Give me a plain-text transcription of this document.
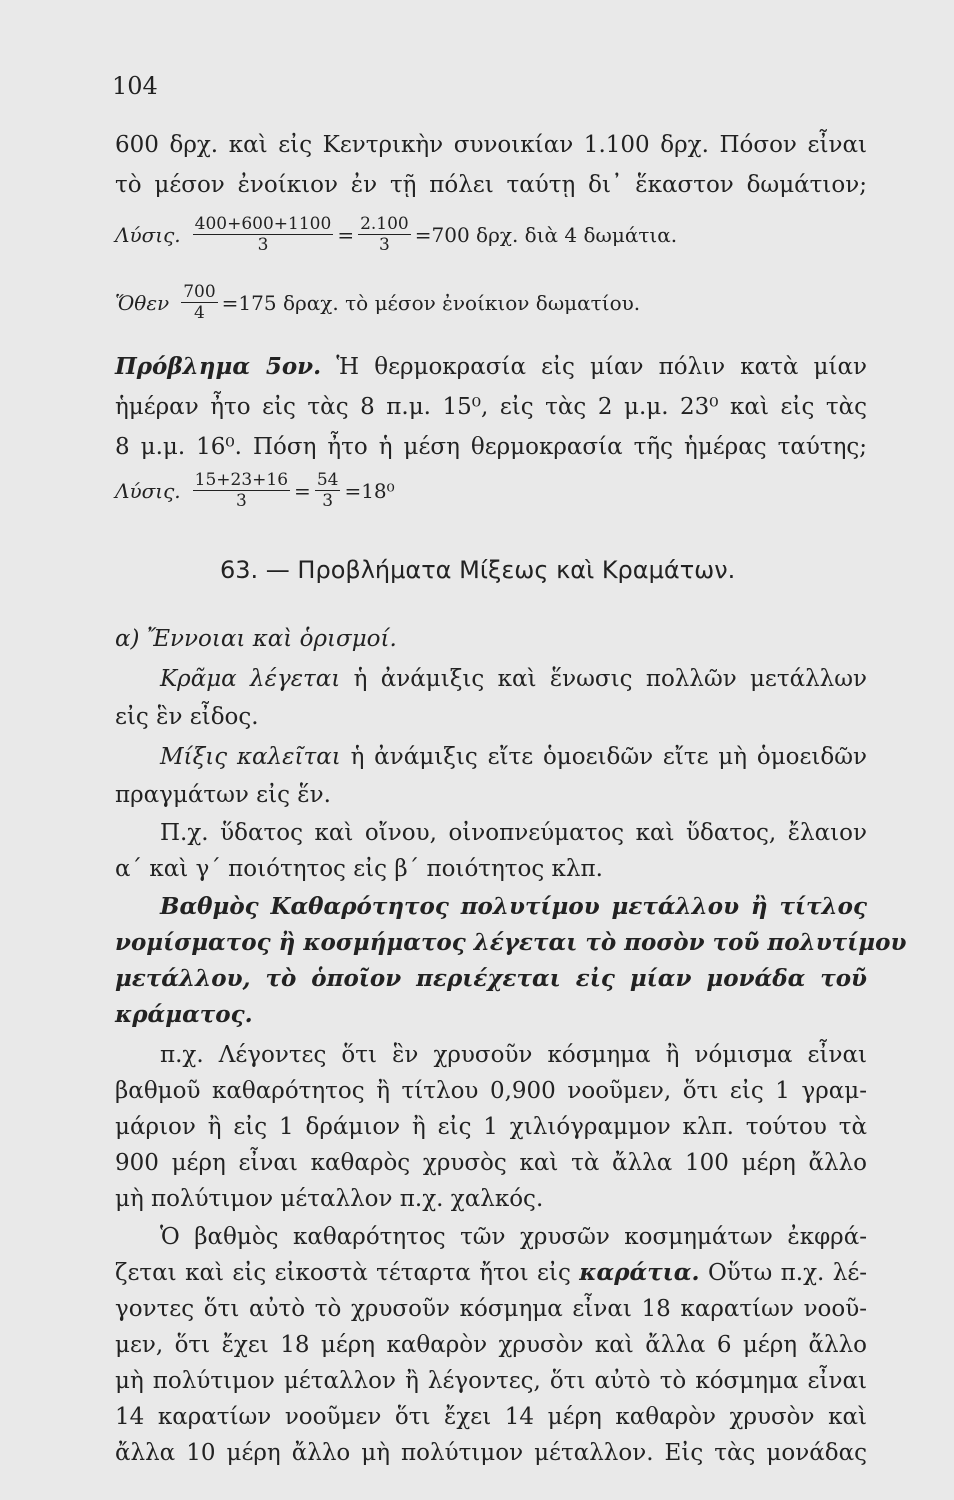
104
600 δρχ. καὶ εἰς Κεντρικὴν συνοικίαν 1.100 δρχ. Πόσον εἶναι
τὸ μέσον ἐνοίκιον ἐν τῇ πόλει ταύτῃ δι᾽ ἕκαστον δωμάτιον;
Λύσις. $\frac{400+600+1100}{3} = \frac{2.100}{3} =700$ δρχ. διὰ 4 δωμάτια.
Ὅθεν $\frac{700}{4} =175$ δραχ. τὸ μέσον ἐνοίκιον δωματίου.
Πρόβλημα 5ον. Ἡ θερμοκρασία εἰς μίαν πόλιν κατὰ μίαν
ἡμέραν ἦτο εἰς τὰς 8 π.μ. 15⁰, εἰς τὰς 2 μ.μ. 23⁰ καὶ εἰς τὰς
8 μ.μ. 16⁰. Πόση ἦτο ἡ μέση θερμοκρασία τῆς ἡμέρας ταύτης;
Λύσις. $\frac{15+23+16}{3} = \frac{54}{3} =18^0$
63. — Προβλήματα Μίξεως καὶ Κραμάτων.
α) Ἔννοιαι καὶ ὁρισμοί.
Κρᾶμα λέγεται ἡ ἀνάμιξις καὶ ἕνωσις πολλῶν μετάλλων
εἰς ἓν εἶδος.
Μίξις καλεῖται ἡ ἀνάμιξις εἴτε ὁμοειδῶν εἴτε μὴ ὁμοειδῶν
πραγμάτων εἰς ἕν.
Π.χ. ὕδατος καὶ οἴνου, οἰνοπνεύματος καὶ ὕδατος, ἔλαιον
α΄ καὶ γ΄ ποιότητος εἰς β΄ ποιότητος κλπ.
Βαθμὸς Καθαρότητος πολυτίμου μετάλλου ἢ τίτλος
νομίσματος ἢ κοσμήματος λέγεται τὸ ποσὸν τοῦ πολυτίμου
μετάλλου, τὸ ὁποῖον περιέχεται εἰς μίαν μονάδα τοῦ
κράματος.
π.χ. Λέγοντες ὅτι ἓν χρυσοῦν κόσμημα ἢ νόμισμα εἶναι
βαθμοῦ καθαρότητος ἢ τίτλου 0,900 νοοῦμεν, ὅτι εἰς 1 γραμ-
μάριον ἢ εἰς 1 δράμιον ἢ εἰς 1 χιλιόγραμμον κλπ. τούτου τὰ
900 μέρη εἶναι καθαρὸς χρυσὸς καὶ τὰ ἄλλα 100 μέρη ἄλλο
μὴ πολύτιμον μέταλλον π.χ. χαλκός.
Ὁ βαθμὸς καθαρότητος τῶν χρυσῶν κοσμημάτων ἐκφρά-
ζεται καὶ εἰς εἰκοστὰ τέταρτα ἤτοι εἰς καράτια. Οὕτω π.χ. λέ-
γοντες ὅτι αὐτὸ τὸ χρυσοῦν κόσμημα εἶναι 18 καρατίων νοοῦ-
μεν, ὅτι ἔχει 18 μέρη καθαρὸν χρυσὸν καὶ ἄλλα 6 μέρη ἄλλο
μὴ πολύτιμον μέταλλον ἢ λέγοντες, ὅτι αὐτὸ τὸ κόσμημα εἶναι
14 καρατίων νοοῦμεν ὅτι ἔχει 14 μέρη καθαρὸν χρυσὸν καὶ
ἄλλα 10 μέρη ἄλλο μὴ πολύτιμον μέταλλον. Εἰς τὰς μονάδας
